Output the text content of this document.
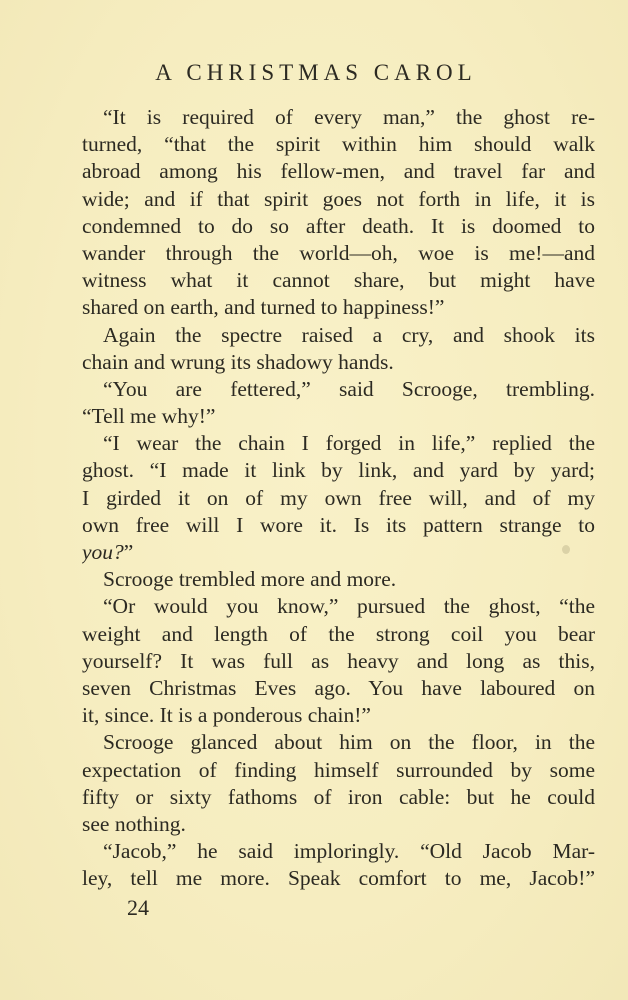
A CHRISTMAS CAROL
“It is required of every man,” the ghost re-
turned, “that the spirit within him should walk
abroad among his fellow-men, and travel far and
wide; and if that spirit goes not forth in life, it is
condemned to do so after death. It is doomed to
wander through the world—oh, woe is me!—and
witness what it cannot share, but might have
shared on earth, and turned to happiness!”
Again the spectre raised a cry, and shook its
chain and wrung its shadowy hands.
“You are fettered,” said Scrooge, trembling.
“Tell me why!”
“I wear the chain I forged in life,” replied the
ghost. “I made it link by link, and yard by yard;
I girded it on of my own free will, and of my
own free will I wore it. Is its pattern strange to
you?”
Scrooge trembled more and more.
“Or would you know,” pursued the ghost, “the
weight and length of the strong coil you bear
yourself? It was full as heavy and long as this,
seven Christmas Eves ago. You have laboured on
it, since. It is a ponderous chain!”
Scrooge glanced about him on the floor, in the
expectation of finding himself surrounded by some
fifty or sixty fathoms of iron cable: but he could
see nothing.
“Jacob,” he said imploringly. “Old Jacob Mar-
ley, tell me more. Speak comfort to me, Jacob!”
24
